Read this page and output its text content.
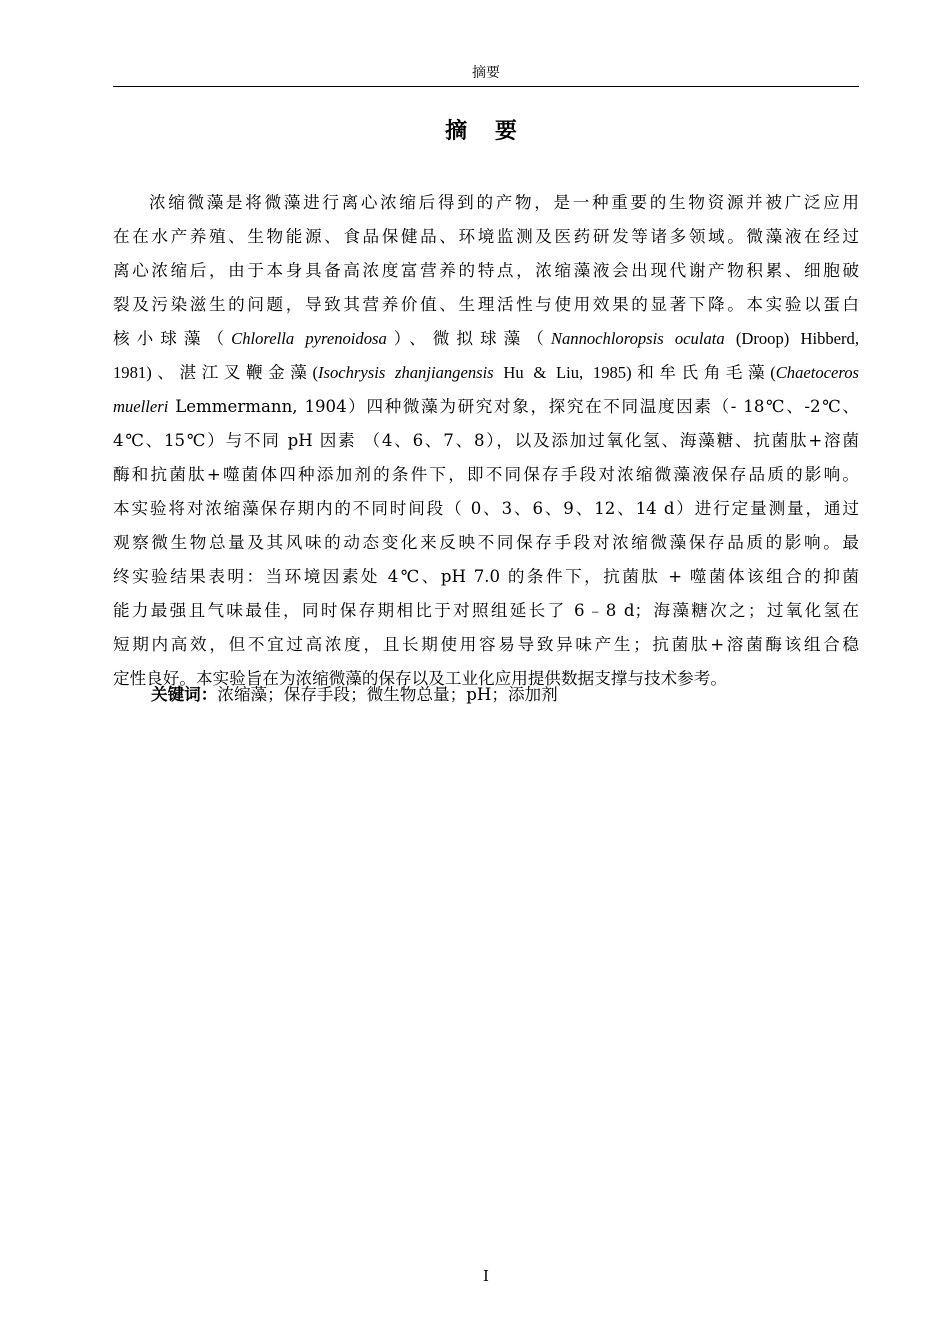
摘要
摘 要
浓缩微藻是将微藻进行离心浓缩后得到的产物，是一种重要的生物资源并被广泛应用
在在水产养殖、生物能源、食品保健品、环境监测及医药研发等诸多领域。微藻液在经过
离心浓缩后，由于本身具备高浓度富营养的特点，浓缩藻液会出现代谢产物积累、细胞破
裂及污染滋生的问题，导致其营养价值、生理活性与使用效果的显著下降。本实验以蛋白
核小球藻（Chlorella pyrenoidosa）、微拟球藻（Nannochloropsis oculata (Droop) Hibberd,
1981)、湛江叉鞭金藻(Isochrysis zhanjiangensis Hu & Liu, 1985)和牟氏角毛藻(Chaetoceros
muelleri Lemmermann, 1904）四种微藻为研究对象，探究在不同温度因素（- 18℃、-2℃、
4℃、15℃）与不同 pH 因素 （4、6、7、8），以及添加过氧化氢、海藻糖、抗菌肽+溶菌
酶和抗菌肽+噬菌体四种添加剂的条件下，即不同保存手段对浓缩微藻液保存品质的影响。
本实验将对浓缩藻保存期内的不同时间段（ 0、3、6、9、12、14 d）进行定量测量，通过
观察微生物总量及其风味的动态变化来反映不同保存手段对浓缩微藻保存品质的影响。最
终实验结果表明：当环境因素处 4℃、pH 7.0 的条件下，抗菌肽 + 噬菌体该组合的抑菌
能力最强且气味最佳，同时保存期相比于对照组延长了 6﹣8 d；海藻糖次之；过氧化氢在
短期内高效，但不宜过高浓度，且长期使用容易导致异味产生；抗菌肽+溶菌酶该组合稳
定性良好。本实验旨在为浓缩微藻的保存以及工业化应用提供数据支撑与技术参考。
关键词：浓缩藻；保存手段；微生物总量；pH；添加剂
I
